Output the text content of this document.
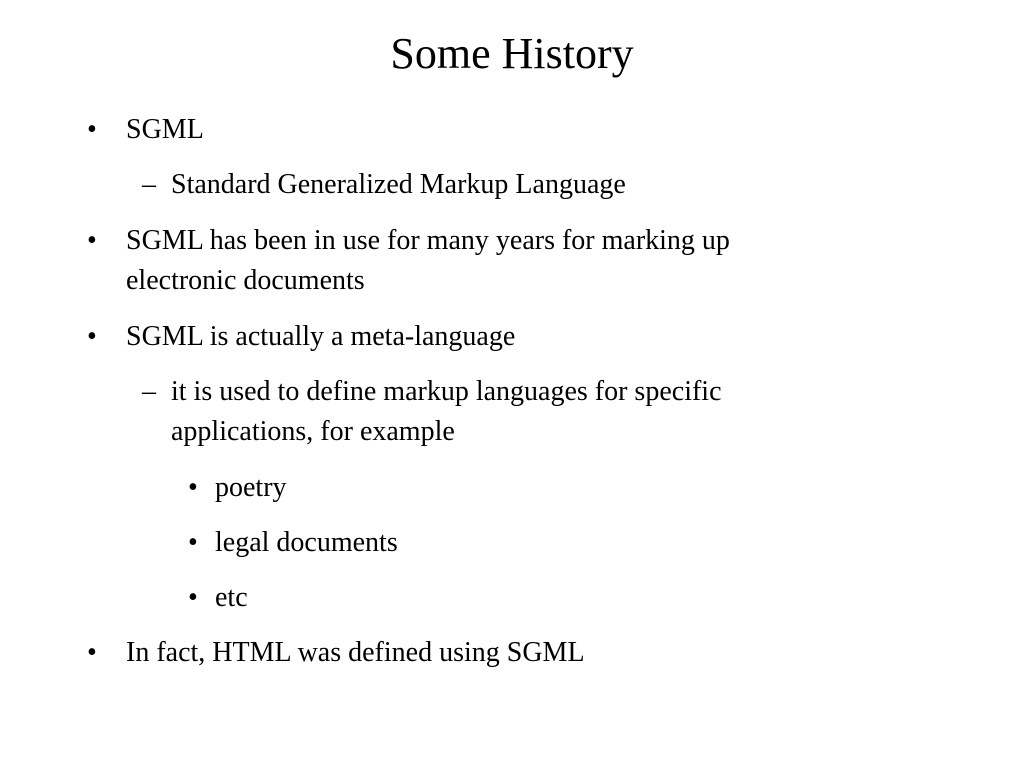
Some History
• SGML
– Standard Generalized Markup Language
• SGML has been in use for many years for marking up
electronic documents
• SGML is actually a meta-language
– it is used to define markup languages for specific
applications, for example
• poetry
• legal documents
• etc
• In fact, HTML was defined using SGML
